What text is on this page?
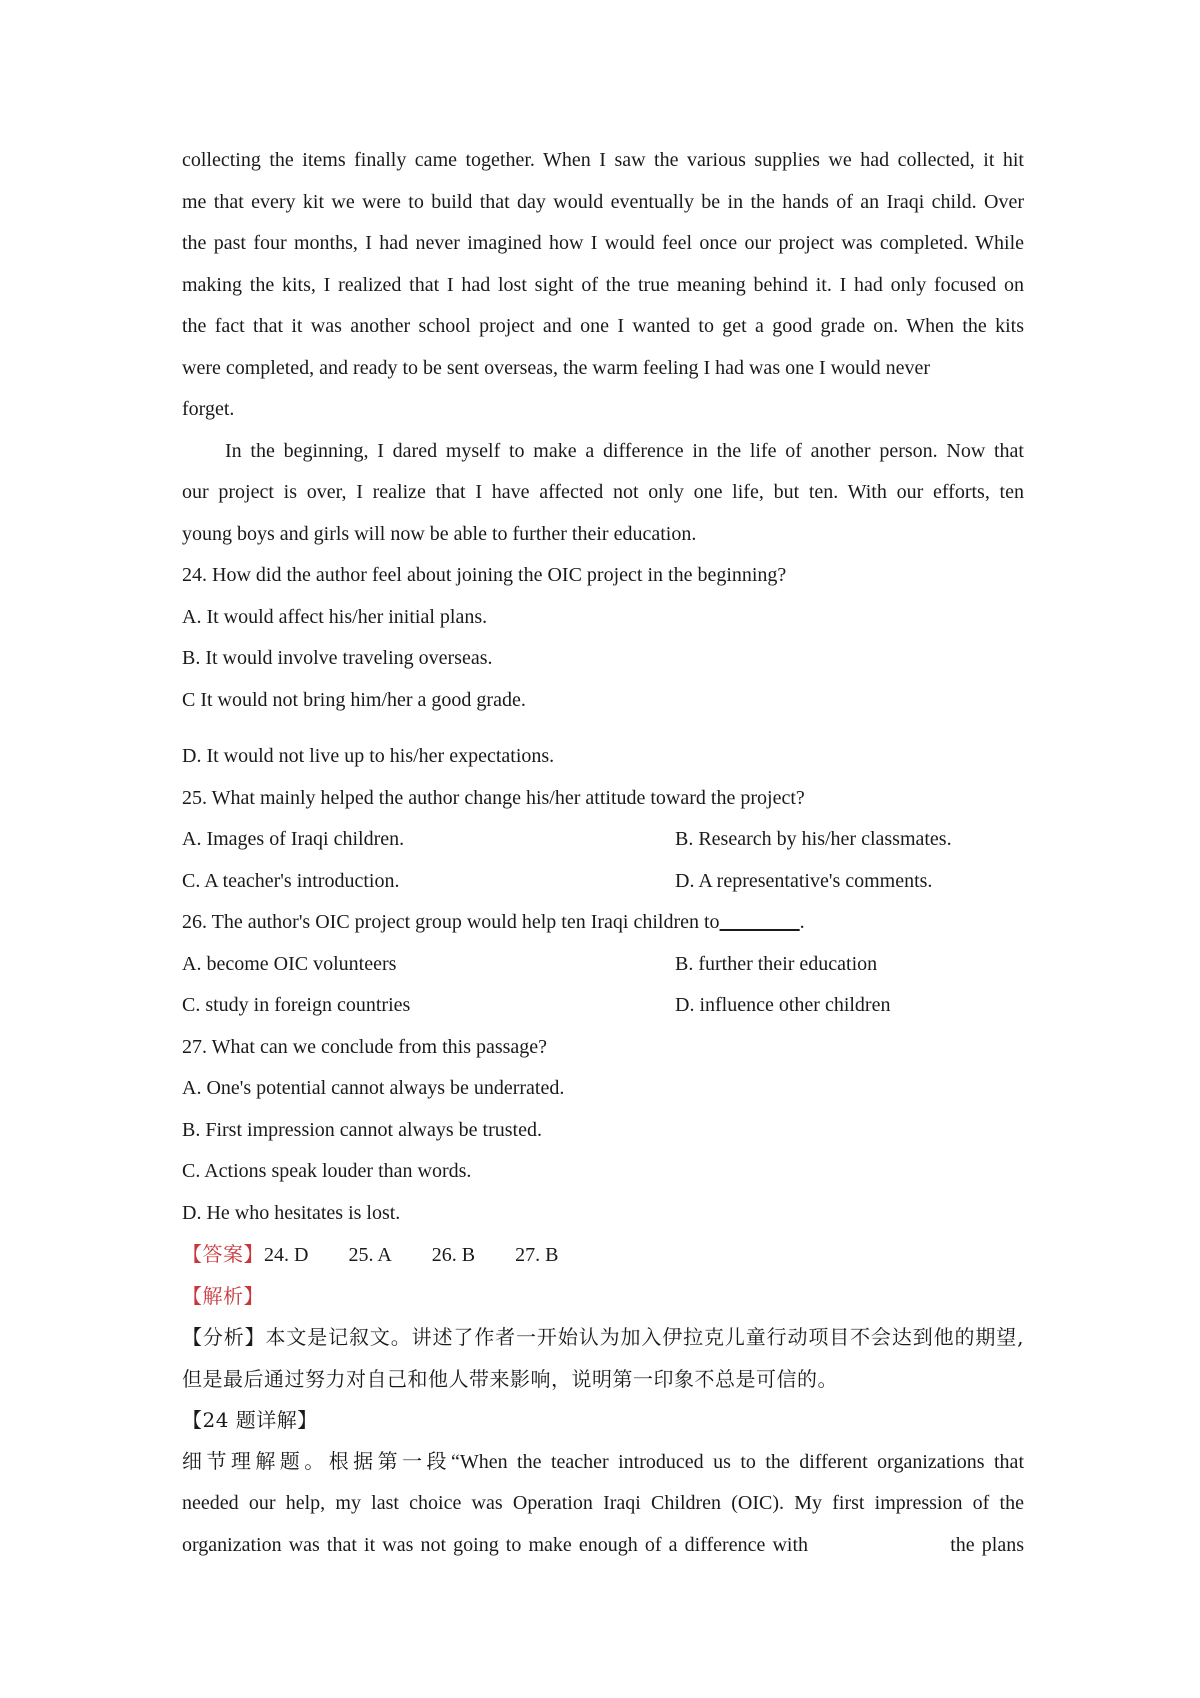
collecting the items finally came together. When I saw the various supplies we had collected, it hit
me that every kit we were to build that day would eventually be in the hands of an Iraqi child. Over
the past four months, I had never imagined how I would feel once our project was completed. While
making the kits, I realized that I had lost sight of the true meaning behind it. I had only focused on
the fact that it was another school project and one I wanted to get a good grade on. When the kits
were completed, and ready to be sent overseas, the warm feeling I had was one I would never
forget.
In the beginning, I dared myself to make a difference in the life of another person. Now that
our project is over, I realize that I have affected not only one life, but ten. With our efforts, ten
young boys and girls will now be able to further their education.
24. How did the author feel about joining the OIC project in the beginning?
A. It would affect his/her initial plans.
B. It would involve traveling overseas.
C It would not bring him/her a good grade.
D. It would not live up to his/her expectations.
25. What mainly helped the author change his/her attitude toward the project?
A. Images of Iraqi children.	B. Research by his/her classmates.
C. A teacher's introduction.	D. A representative's comments.
26. The author's OIC project group would help ten Iraqi children to________.
A. become OIC volunteers	B. further their education
C. study in foreign countries	D. influence other children
27. What can we conclude from this passage?
A. One's potential cannot always be underrated.
B. First impression cannot always be trusted.
C. Actions speak louder than words.
D. He who hesitates is lost.
【答案】24. D 25. A 26. B 27. B
【解析】
【分析】本文是记叙文。讲述了作者一开始认为加入伊拉克儿童行动项目不会达到他的期望,
但是最后通过努力对自己和他人带来影响，说明第一印象不总是可信的。
【24 题详解】
细节理解题。根据第一段“When the teacher introduced us to the different organizations that
needed our help, my last choice was Operation Iraqi Children (OIC). My first impression of the
organization was that it was not going to make enough of a difference with                    the plans
